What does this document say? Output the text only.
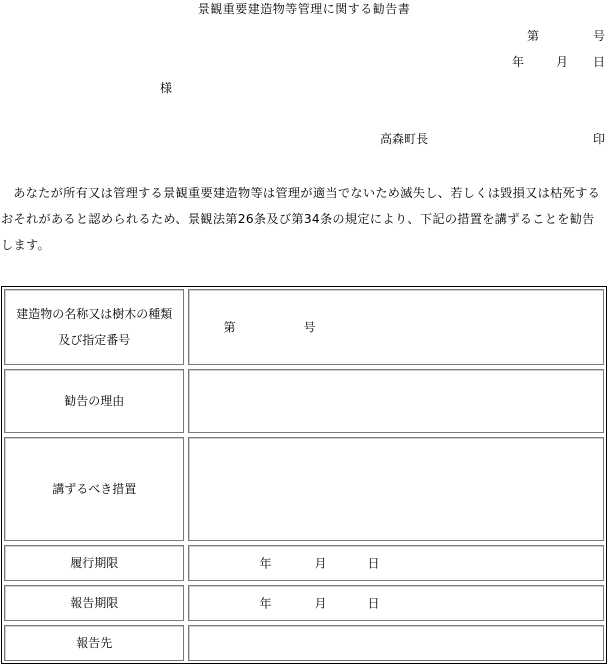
景観重要建造物等管理に関する勧告書
第	号
年	月 日
様
高森町長	印
あなたが所有又は管理する景観重要建造物等は管理が適当でないため滅失し、若しくは毀損又は枯死するおそれがあると認められるため、景観法第26条及び第34条の規定により、下記の措置を講ずることを勧告します。
建造物の名称又は樹木の種類及び指定番号	第 号

勧告の理由	

講ずるべき措置	

履行期限	年 月 日

報告期限	年 月 日

報告先	
